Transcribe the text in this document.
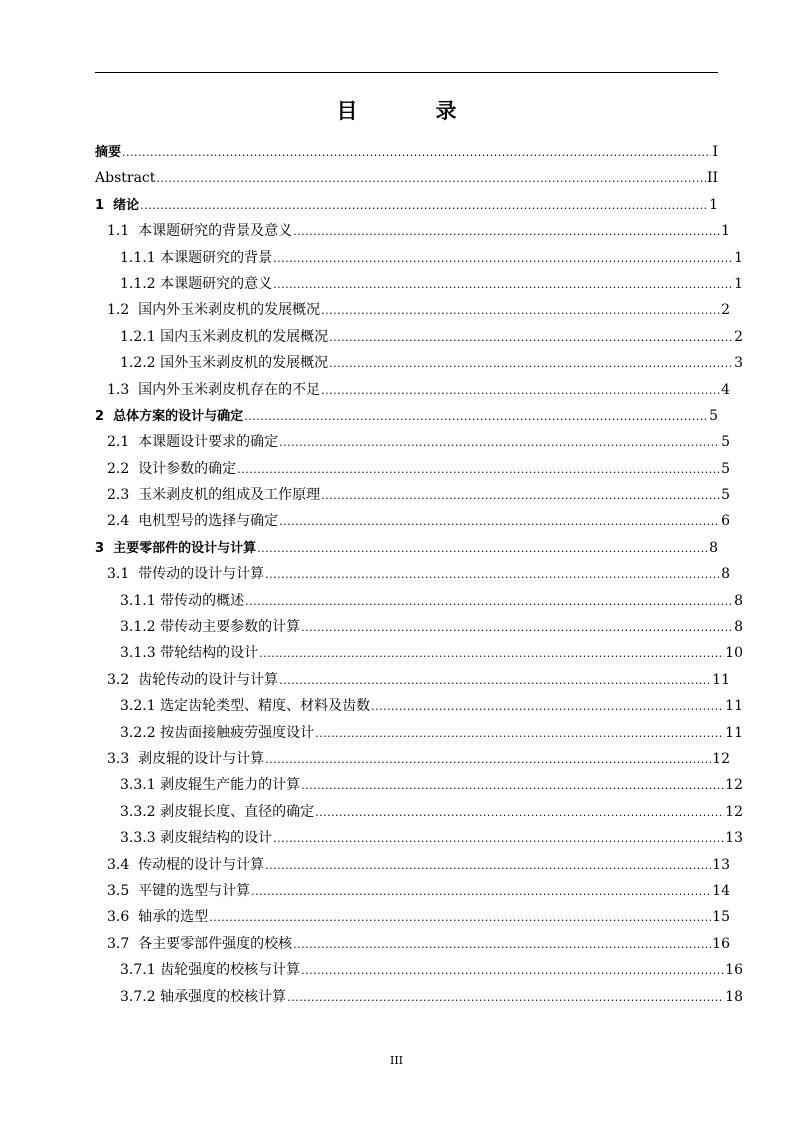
目	录
摘要 .....	I
Abstract .....	II
1  绪论 .....	1
1.1  本课题研究的背景及意义 .....	1
1.1.1 本课题研究的背景 .....	1
1.1.2 本课题研究的意义 .....	1
1.2  国内外玉米剥皮机的发展概况 .....	2
1.2.1 国内玉米剥皮机的发展概况 .....	2
1.2.2 国外玉米剥皮机的发展概况 .....	3
1.3  国内外玉米剥皮机存在的不足 .....	4
2  总体方案的设计与确定 .....	5
2.1  本课题设计要求的确定 .....	5
2.2  设计参数的确定 .....	5
2.3  玉米剥皮机的组成及工作原理 .....	5
2.4  电机型号的选择与确定 .....	6
3  主要零部件的设计与计算 .....	8
3.1  带传动的设计与计算 .....	8
3.1.1 带传动的概述 .....	8
3.1.2 带传动主要参数的计算 .....	8
3.1.3 带轮结构的设计 .....	10
3.2  齿轮传动的设计与计算 .....	11
3.2.1 选定齿轮类型、精度、材料及齿数 .....	11
3.2.2 按齿面接触疲劳强度设计 .....	11
3.3  剥皮辊的设计与计算 .....	12
3.3.1 剥皮辊生产能力的计算 .....	12
3.3.2 剥皮辊长度、直径的确定 .....	12
3.3.3 剥皮辊结构的设计 .....	13
3.4  传动棍的设计与计算 .....	13
3.5  平键的选型与计算 .....	14
3.6  轴承的选型 .....	15
3.7  各主要零部件强度的校核 .....	16
3.7.1 齿轮强度的校核与计算 .....	16
3.7.2 轴承强度的校核计算 .....	18
III
